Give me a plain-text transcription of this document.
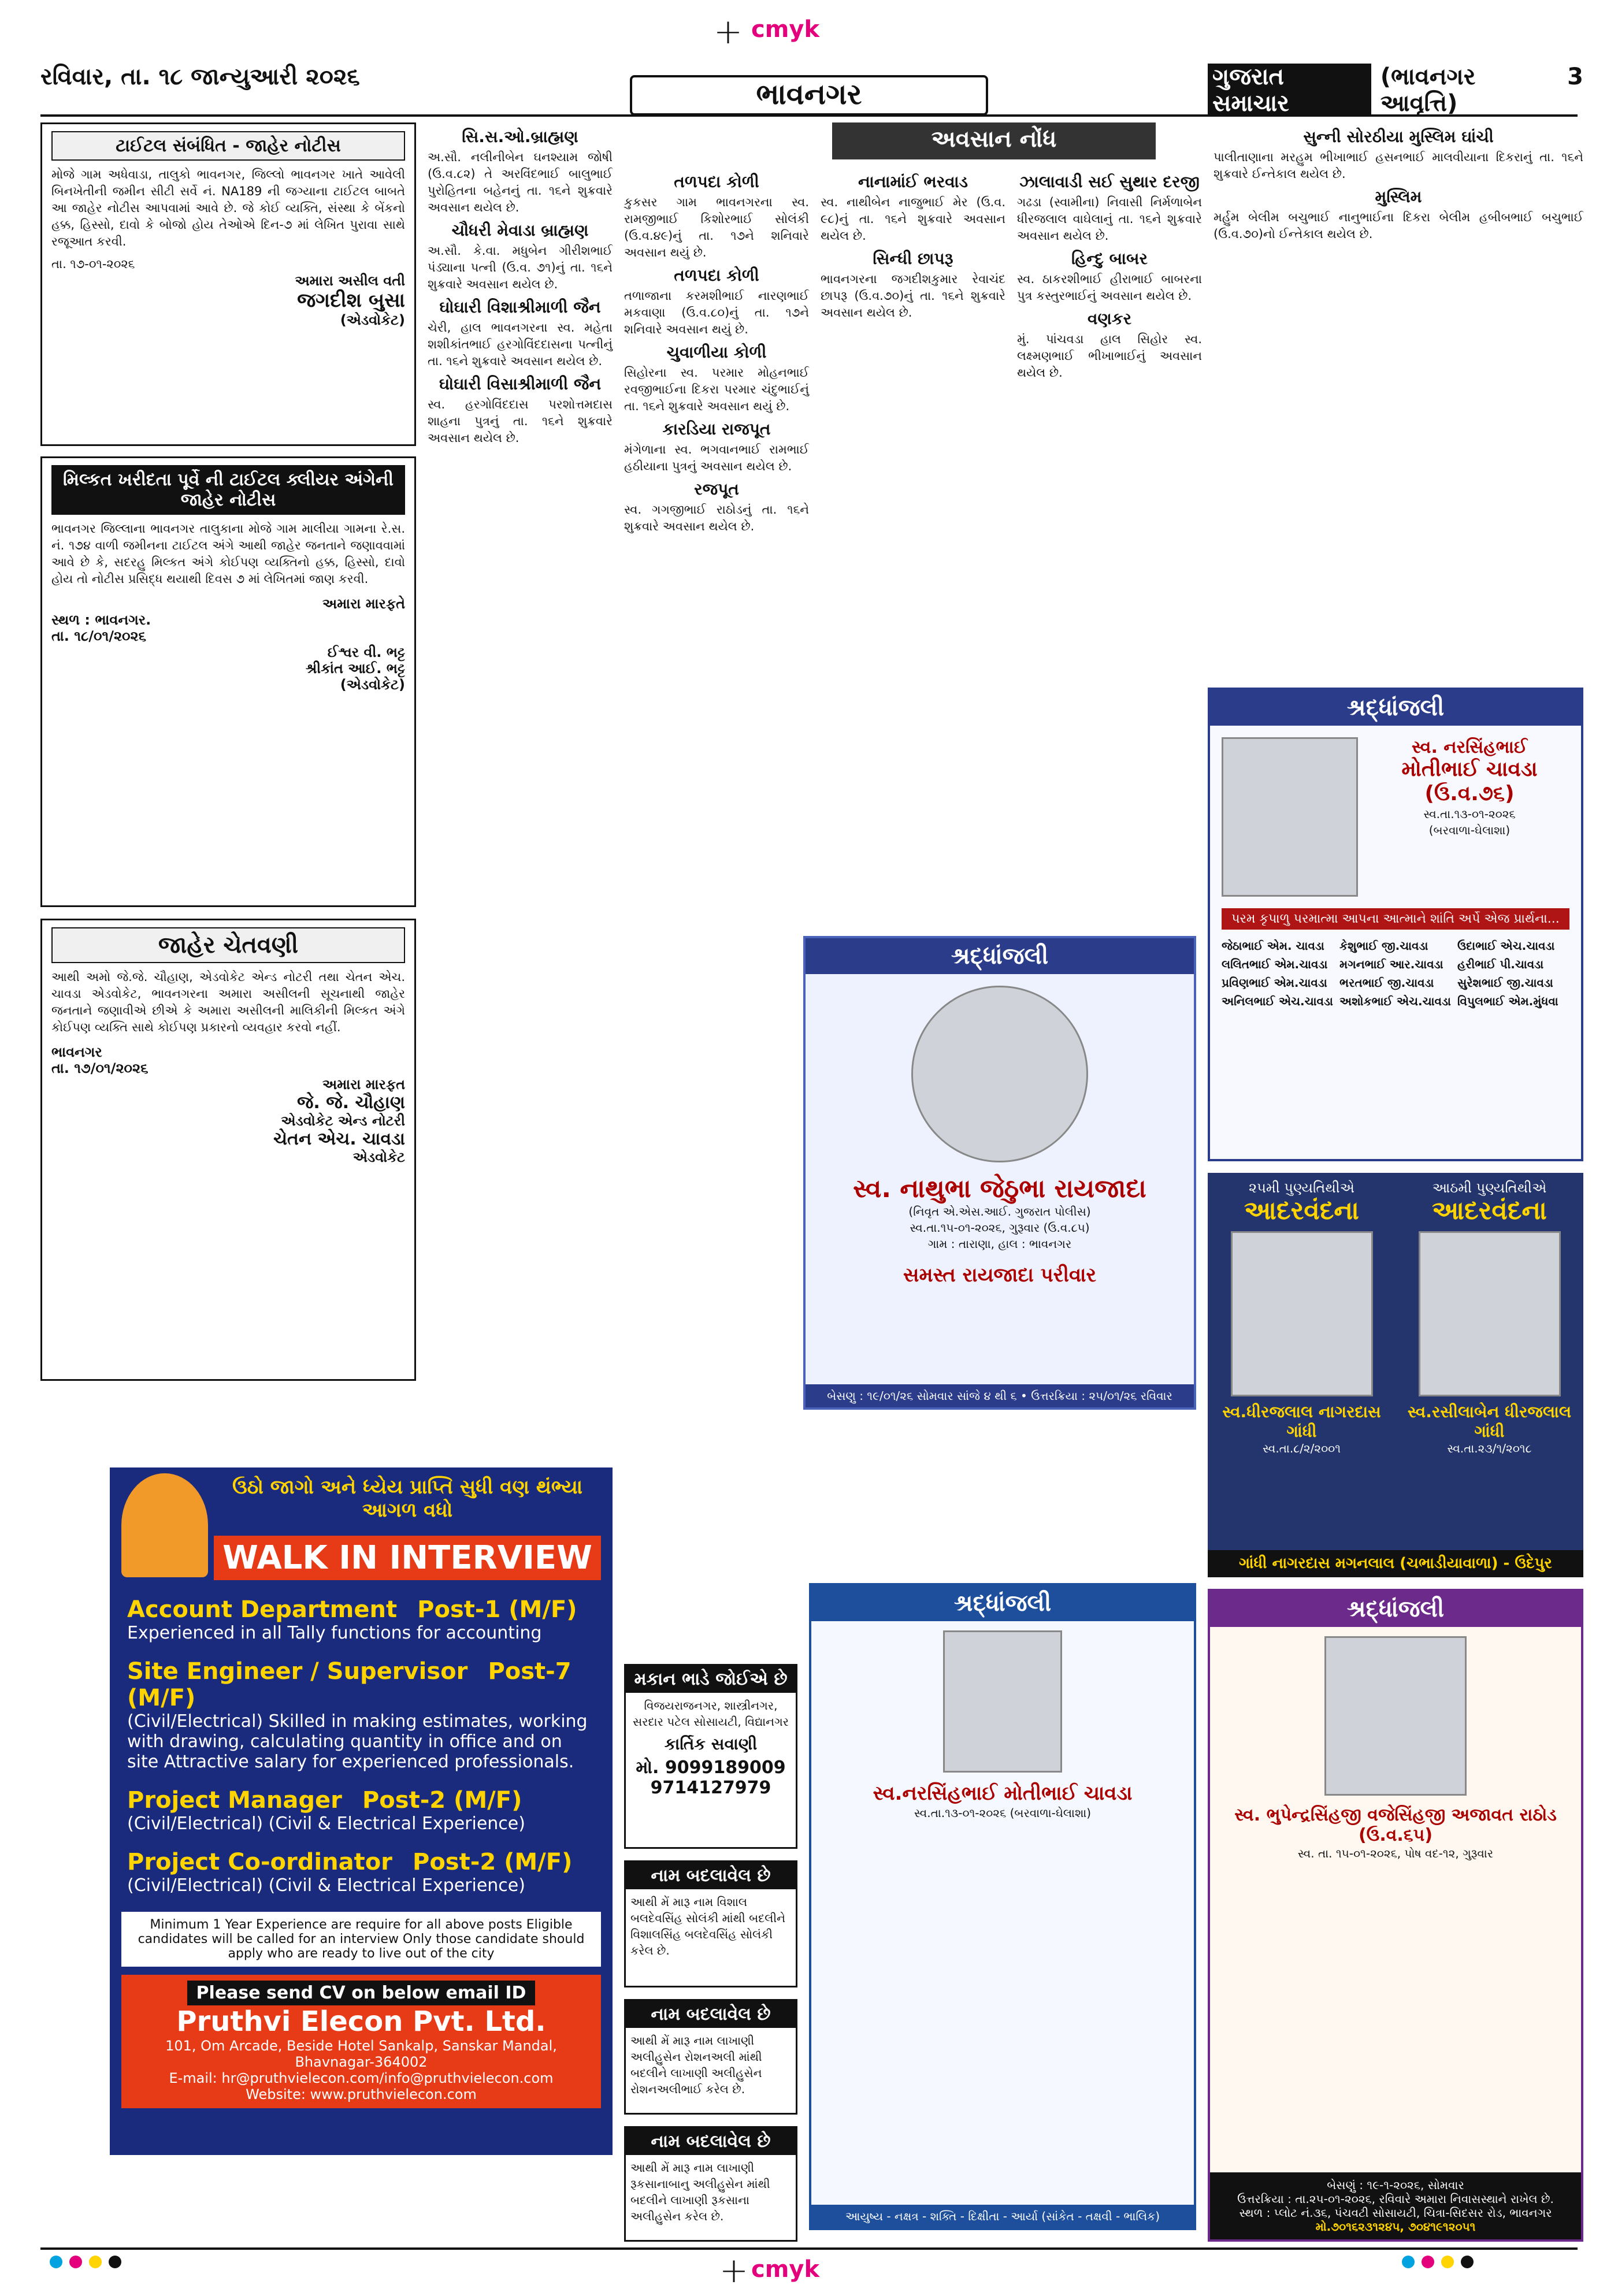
+ cmyk
રવિવાર, તા. ૧૮ જાન્યુઆરી ૨૦૨૬
ભાવનગર
ગુજરાત સમાચાર
(ભાવનગર આવૃત્તિ)
3
ટાઈટલ સંબંધિત - જાહેર નોટીસ
મોજે ગામ અધેવાડા, તાલુકો ભાવનગર, જિલ્લો ભાવનગર ખાતે આવેલી બિનખેતીની જમીન સીટી સર્વે નં. NA189 ની જગ્યાના ટાઈટલ બાબતે આ જાહેર નોટીસ આપવામાં આવે છે. જે કોઈ વ્યક્તિ, સંસ્થા કે બેંકનો હક્ક, હિસ્સો, દાવો કે બોજો હોય તેઓએ દિન-૭ માં લેખિત પુરાવા સાથે રજૂઆત કરવી.
તા. ૧૭-૦૧-૨૦૨૬
અમારા અસીલ વતી
જગદીશ બુસા
(એડવોકેટ)
મિલ્કત ખરીદતા પૂર્વે ની ટાઈટલ ક્લીયર અંગેની જાહેર નોટીસ
ભાવનગર જિલ્લાના ભાવનગર તાલુકાના મોજે ગામ માલીયા ગામના રે.સ. નં. ૧૭૪ વાળી જમીનના ટાઈટલ અંગે આથી જાહેર જનતાને જણાવવામાં આવે છે કે, સદરહુ મિલ્કત અંગે કોઈપણ વ્યક્તિનો હક્ક, હિસ્સો, દાવો હોય તો નોટીસ પ્રસિદ્ધ થયાથી દિવસ ૭ માં લેખિતમાં જાણ કરવી.
અમારા મારફતે
સ્થળ : ભાવનગર.
તા. ૧૮/૦૧/૨૦૨૬
ઈશ્વર વી. ભટ્ટ
શ્રીકાંત આઈ. ભટ્ટ
(એડવોકેટ)
જાહેર ચેતવણી
આથી અમો જે.જે. ચૌહાણ, એડવોકેટ એન્ડ નોટરી તથા ચેતન એચ. ચાવડા એડવોકેટ, ભાવનગરના અમારા અસીલની સૂચનાથી જાહેર જનતાને જણાવીએ છીએ કે અમારા અસીલની માલિકીની મિલ્કત અંગે કોઈપણ વ્યક્તિ સાથે કોઈપણ પ્રકારનો વ્યવહાર કરવો નહીં.
ભાવનગર
તા. ૧૭/૦૧/૨૦૨૬
અમારા મારફત
જે. જે. ચૌહાણ
એડવોકેટ એન્ડ નોટરી
ચેતન એચ. ચાવડા
એડવોકેટ
ઉઠો જાગો અને ધ્યેય પ્રાપ્તિ સુધી વણ થંભ્યા આગળ વધો
WALK IN INTERVIEW
Account Department Post-1 (M/F)
Experienced in all Tally functions for accounting
Site Engineer / Supervisor Post-7 (M/F)
(Civil/Electrical) Skilled in making estimates, working with drawing, calculating quantity in office and on site Attractive salary for experienced professionals.
Project Manager Post-2 (M/F)
(Civil/Electrical) (Civil & Electrical Experience)
Project Co-ordinator Post-2 (M/F)
(Civil/Electrical) (Civil & Electrical Experience)
Minimum 1 Year Experience are require for all above posts Eligible candidates will be called for an interview Only those candidate should apply who are ready to live out of the city
Please send CV on below email ID
Pruthvi Elecon Pvt. Ltd.
101, Om Arcade, Beside Hotel Sankalp, Sanskar Mandal, Bhavnagar-364002
E-mail: hr@pruthvielecon.com/info@pruthvielecon.com
Website: www.pruthvielecon.com
સિ.સ.ઓ.બ્રાહ્મણ
અ.સૌ. નલીનીબેન ઘનશ્યામ જોષી (ઉ.વ.૮૨) તે અરવિંદભાઈ બાલુભાઈ પુરોહિતના બહેનનું તા. ૧૬ને શુક્રવારે અવસાન થયેલ છે.
ચૌધરી મેવાડા બ્રાહ્મણ
અ.સૌ. કે.વા. મધુબેન ગીરીશભાઈ પંડ્યાના પત્ની (ઉ.વ. ૭૧)નું તા. ૧૬ને શુક્રવારે અવસાન થયેલ છે.
ઘોઘારી વિશાશ્રીમાળી જૈન
ચેરી, હાલ ભાવનગરના સ્વ. મહેતા શશીકાંતભાઈ હરગોવિંદદાસના પત્નીનું તા. ૧૬ને શુક્રવારે અવસાન થયેલ છે.
ઘોઘારી વિસાશ્રીમાળી જૈન
સ્વ. હરગોવિંદદાસ પરશોત્તમદાસ શાહના પુત્રનું તા. ૧૬ને શુક્રવારે અવસાન થયેલ છે.
અવસાન નોંધ
તળપદા કોળી
કુકસર ગામ ભાવનગરના સ્વ. રામજીભાઈ કિશોરભાઈ સોલંકી (ઉ.વ.૪૯)નું તા. ૧૭ને શનિવારે અવસાન થયું છે.
તળપદા કોળી
તળાજાના કરમશીભાઈ નારણભાઈ મકવાણા (ઉ.વ.૮૦)નું તા. ૧૭ને શનિવારે અવસાન થયું છે.
ચુવાળીયા કોળી
સિહોરના સ્વ. પરમાર મોહનભાઈ રવજીભાઈના દિકરા પરમાર ચંદુભાઈનું તા. ૧૬ને શુક્રવારે અવસાન થયું છે.
કારડિયા રાજપૂત
મંગેળાના સ્વ. ભગવાનભાઈ રામભાઈ હઠીયાના પુત્રનું અવસાન થયેલ છે.
રજપૂત
સ્વ. ગગજીભાઈ રાઠોડનું તા. ૧૬ને શુક્રવારે અવસાન થયેલ છે.
નાનામાંઈ ભરવાડ
સ્વ. નાથીબેન નાજુભાઈ મેર (ઉ.વ. ૯૮)નું તા. ૧૬ને શુક્રવારે અવસાન થયેલ છે.
સિન્ધી છાપરૂ
ભાવનગરના જગદીશકુમાર રેવાચંદ છાપરૂ (ઉ.વ.૭૦)નું તા. ૧૬ને શુક્રવારે અવસાન થયેલ છે.
ઝાલાવાડી સઈ સુથાર દરજી
ગઢડા (સ્વામીના) નિવાસી નિર્મળાબેન ધીરજલાલ વાઘેલાનું તા. ૧૬ને શુક્રવારે અવસાન થયેલ છે.
હિન્દુ બાબર
સ્વ. ઠાકરશીભાઈ હીરાભાઈ બાબરના પુત્ર કસ્તુરભાઈનું અવસાન થયેલ છે.
વણકર
મું. પાંચવડા હાલ સિહોર સ્વ. લક્ષ્મણભાઈ ભીખાભાઈનું અવસાન થયેલ છે.
સુન્ની સોરઠીયા મુસ્લિમ ઘાંચી
પાલીતાણાના મરહુમ ભીખાભાઈ હસનભાઈ માલવીયાના દિકરાનું તા. ૧૬ને શુક્રવારે ઈન્તેકાલ થયેલ છે.
મુસ્લિમ
મર્હુમ બેલીમ બચુભાઈ નાનુભાઈના દિકરા બેલીમ હબીબભાઈ બચુભાઈ (ઉ.વ.૭૦)નો ઈન્તેકાલ થયેલ છે.
શ્રદ્ધાંજલી
સ્વ. નરસિંહભાઈ
મોતીભાઈ ચાવડા (ઉ.વ.૭૬)
સ્વ.તા.૧૩-૦૧-૨૦૨૬
(બરવાળા-ઘેલાશા)
પરમ કૃપાળુ પરમાત્મા આપના આત્માને શાંતિ અર્પે એજ પ્રાર્થના...
જેઠાભાઈ એમ. ચાવડા	કેશુભાઈ જી.ચાવડા	ઉદાભાઈ એચ.ચાવડા
લલિતભાઈ એમ.ચાવડા	મગનભાઈ આર.ચાવડા	હરીભાઈ પી.ચાવડા
પ્રવિણભાઈ એમ.ચાવડા	ભરતભાઈ જી.ચાવડા	સુરેશભાઈ જી.ચાવડા
અનિલભાઈ એચ.ચાવડા અશોકભાઈ એચ.ચાવડા વિપુલભાઈ એમ.મુંધવા
૨૫મી પુણ્યતિથીએ
આદરવંદના
આઠમી પુણ્યતિથીએ
આદરવંદના
સ્વ.ધીરજલાલ નાગરદાસ ગાંધી
સ્વ.તા.૮/૨/૨૦૦૧
સ્વ.રસીલાબેન ધીરજલાલ ગાંધી
સ્વ.તા.૨૩/૧/૨૦૧૮
ગાંધી નાગરદાસ મગનલાલ (ચભાડીયાવાળા) - ઉદેપુર
શ્રદ્ધાંજલી
સ્વ. નાથુભા જેઠુભા રાયજાદા
(નિવૃત એ.એસ.આઈ. ગુજરાત પોલીસ)
સ્વ.તા.૧૫-૦૧-૨૦૨૬, ગુરૂવાર (ઉ.વ.૮૫)
ગામ : તારાણા, હાલ : ભાવનગર
સમસ્ત રાયજાદા પરીવાર
બેસણુ : ૧૯/૦૧/૨૬ સોમવાર સાંજે ૪ થી ૬ • ઉત્તરક્રિયા : ૨૫/૦૧/૨૬ રવિવાર
મકાન ભાડે જોઈએ છે
વિજયરાજનગર, શાસ્ત્રીનગર, સરદાર પટેલ સોસાયટી, વિદ્યાનગર
કાર્તિક સવાણી
મો. 9099189009 9714127979
નામ બદલાવેલ છે
આથી મેં મારૂ નામ વિશાલ બલદેવસિંહ સોલંકી માંથી બદલીને વિશાલસિંહ બલદેવસિંહ સોલંકી કરેલ છે.
નામ બદલાવેલ છે
આથી મેં મારૂ નામ લાખાણી અલીહુસેન રોશનઅલી માંથી બદલીને લાખાણી અલીહુસેન રોશનઅલીભાઈ કરેલ છે.
નામ બદલાવેલ છે
આથી મેં મારૂ નામ લાખાણી રૂકસાનાબાનુ અલીહુસેન માંથી બદલીને લાખાણી રૂકસાના અલીહુસેન કરેલ છે.
શ્રદ્ધાંજલી
સ્વ.નરસિંહભાઈ મોતીભાઈ ચાવડા
સ્વ.તા.૧૩-૦૧-૨૦૨૬ (બરવાળા-ઘેલાશા)
આયુષ્ય - નક્ષત્ર - શક્તિ - દિક્ષીતા - આર્યા (સાંકેત - તક્ષવી - ભાલિક)
શ્રદ્ધાંજલી
સ્વ. ભુપેન્દ્રસિંહજી વજેસિંહજી અજાવત રાઠોડ (ઉ.વ.૬૫)
સ્વ. તા. ૧૫-૦૧-૨૦૨૬, પોષ વદ-૧૨, ગુરૂવાર
બેસણું : ૧૯-૧-૨૦૨૬, સોમવાર
ઉત્તરક્રિયા : તા.૨૫-૦૧-૨૦૨૬, રવિવારે અમારા નિવાસસ્થાને રાખેલ છે.
સ્થળ : પ્લોટ નં.૩૬, પંચવટી સોસાયટી, ચિત્રા-સિદસર રોડ, ભાવનગર
મો.૭૦૧૬૨૩૧૨૪૫, ૭૦૪૧૯૧૨૦૫૧
+ cmyk
